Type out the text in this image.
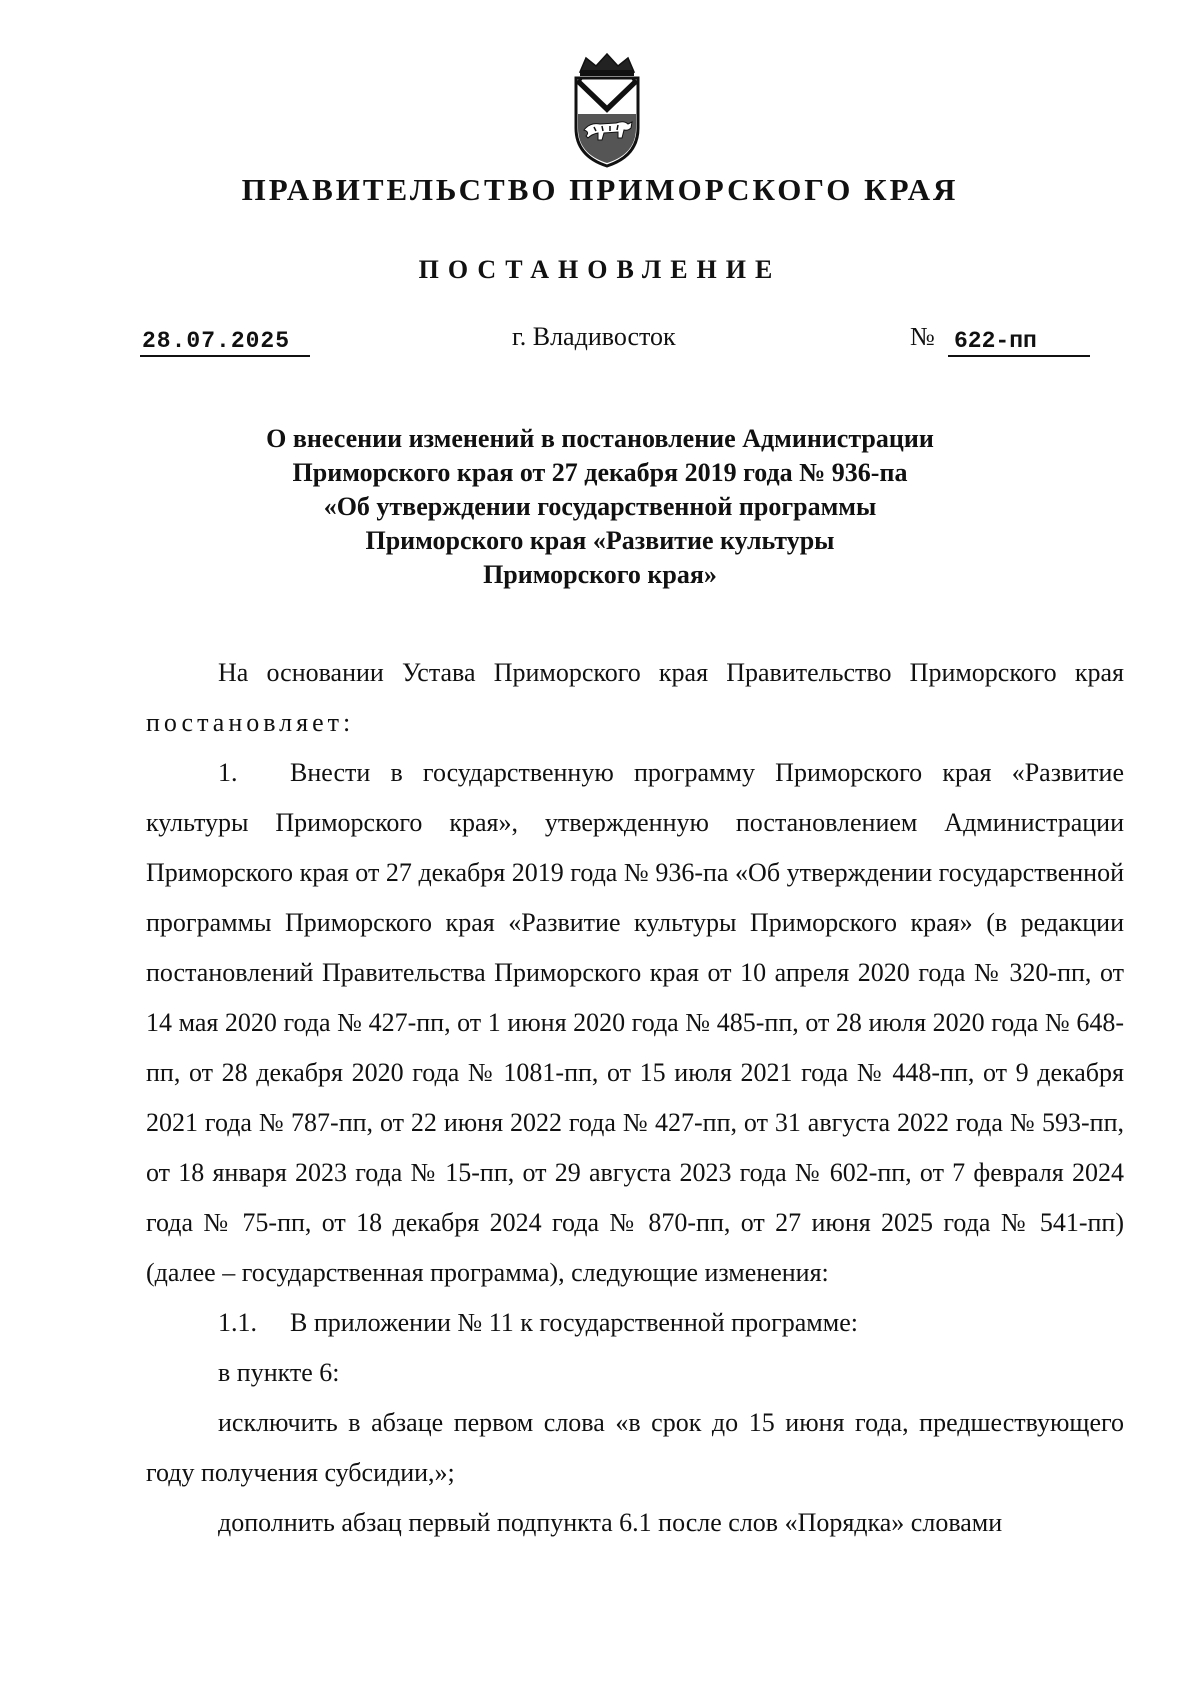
ПРАВИТЕЛЬСТВО ПРИМОРСКОГО КРАЯ
ПОСТАНОВЛЕНИЕ
28.07.2025	г. Владивосток	№ 622-пп
О внесении изменений в постановление Администрации
Приморского края от 27 декабря 2019 года № 936-па
«Об утверждении государственной программы
Приморского края «Развитие культуры
Приморского края»

На основании Устава Приморского края Правительство Приморского края постановляет:

1. Внести в государственную программу Приморского края «Развитие культуры Приморского края», утвержденную постановлением Администрации Приморского края от 27 декабря 2019 года № 936-па «Об утверждении государственной программы Приморского края «Развитие культуры Приморского края» (в редакции постановлений Правительства Приморского края от 10 апреля 2020 года № 320-пп, от 14 мая 2020 года № 427-пп, от 1 июня 2020 года № 485-пп, от 28 июля 2020 года № 648-пп, от 28 декабря 2020 года № 1081-пп, от 15 июля 2021 года № 448-пп, от 9 декабря 2021 года № 787-пп, от 22 июня 2022 года № 427-пп, от 31 августа 2022 года № 593-пп, от 18 января 2023 года № 15-пп, от 29 августа 2023 года № 602-пп, от 7 февраля 2024 года № 75-пп, от 18 декабря 2024 года № 870-пп, от 27 июня 2025 года № 541-пп) (далее – государственная программа), следующие изменения:

1.1. В приложении № 11 к государственной программе:

в пункте 6:

исключить в абзаце первом слова «в срок до 15 июня года, предшествующего году получения субсидии,»;

дополнить абзац первый подпункта 6.1 после слов «Порядка» словами
